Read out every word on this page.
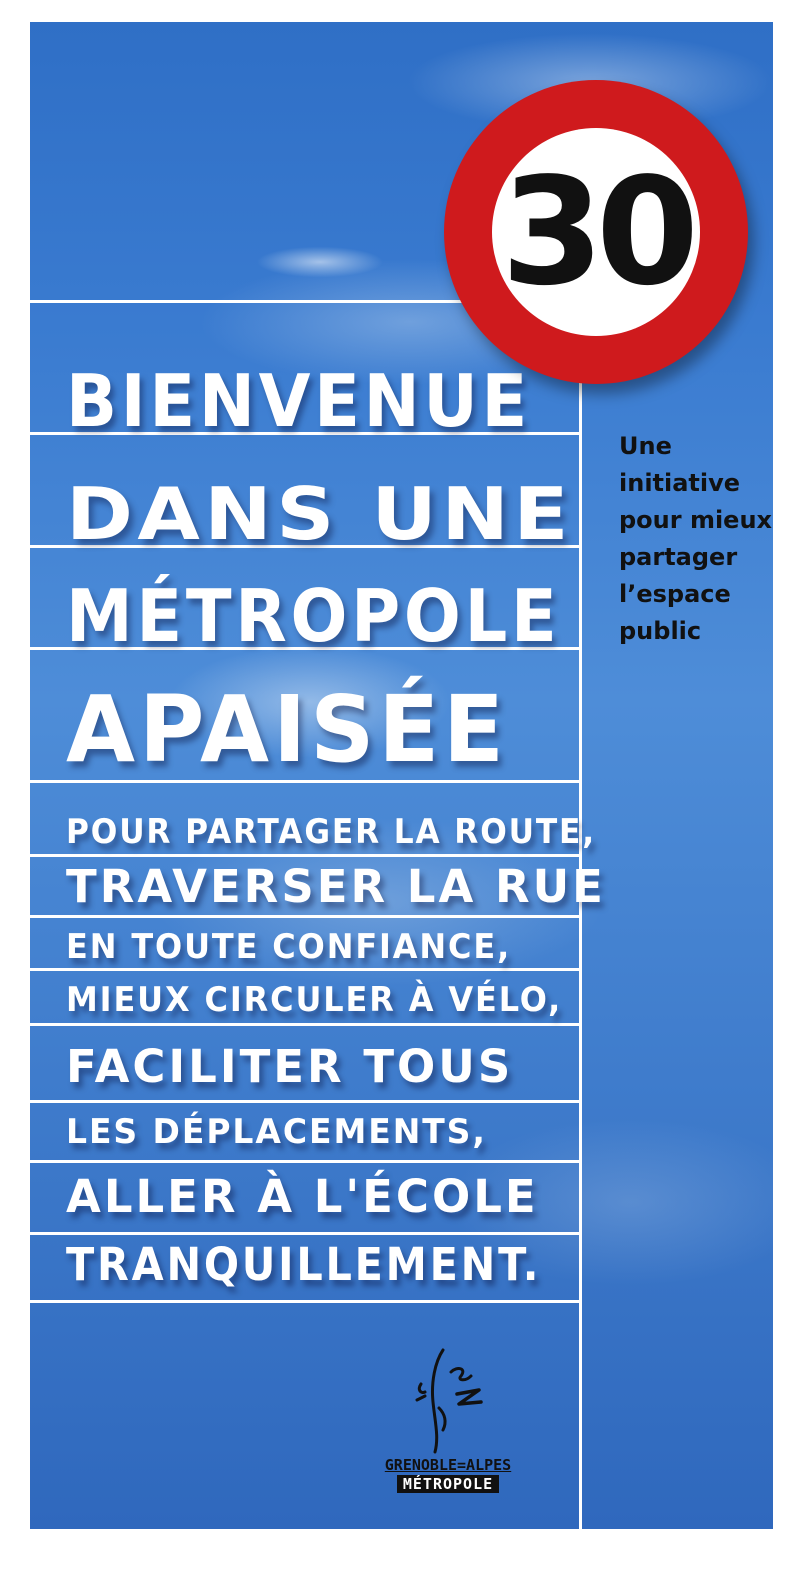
BIENVENUE
DANS UNE
MÉTROPOLE
APAISÉE
POUR PARTAGER LA ROUTE,
TRAVERSER LA RUE
EN TOUTE CONFIANCE,
MIEUX CIRCULER À VÉLO,
FACILITER TOUS
LES DÉPLACEMENTS,
ALLER À L'ÉCOLE
TRANQUILLEMENT.
30
Une
initiative
pour mieux
partager
l’espace
public
GRENOBLE=ALPES
MÉTROPOLE
